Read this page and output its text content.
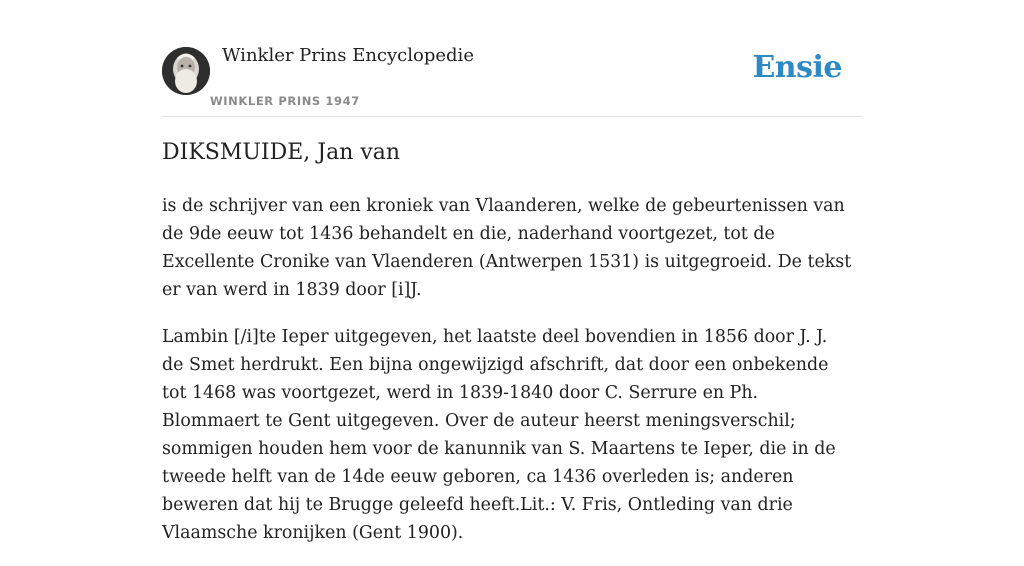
Winkler Prins Encyclopedie
WINKLER PRINS 1947
Ensie
DIKSMUIDE, Jan van

is de schrijver van een kroniek van Vlaanderen, welke de gebeurtenissen van de 9de eeuw tot 1436 behandelt en die, naderhand voortgezet, tot de Excellente Cronike van Vlaenderen (Antwerpen 1531) is uitgegroeid. De tekst er van werd in 1839 door [i]J.

Lambin [/i]te Ieper uitgegeven, het laatste deel bovendien in 1856 door J. J. de Smet herdrukt. Een bijna ongewijzigd afschrift, dat door een onbekende tot 1468 was voortgezet, werd in 1839-1840 door C. Serrure en Ph. Blommaert te Gent uitgegeven. Over de auteur heerst meningsverschil; sommigen houden hem voor de kanunnik van S. Maartens te Ieper, die in de tweede helft van de 14de eeuw geboren, ca 1436 overleden is; anderen beweren dat hij te Brugge geleefd heeft.Lit.: V. Fris, Ontleding van drie Vlaamsche kronijken (Gent 1900).
